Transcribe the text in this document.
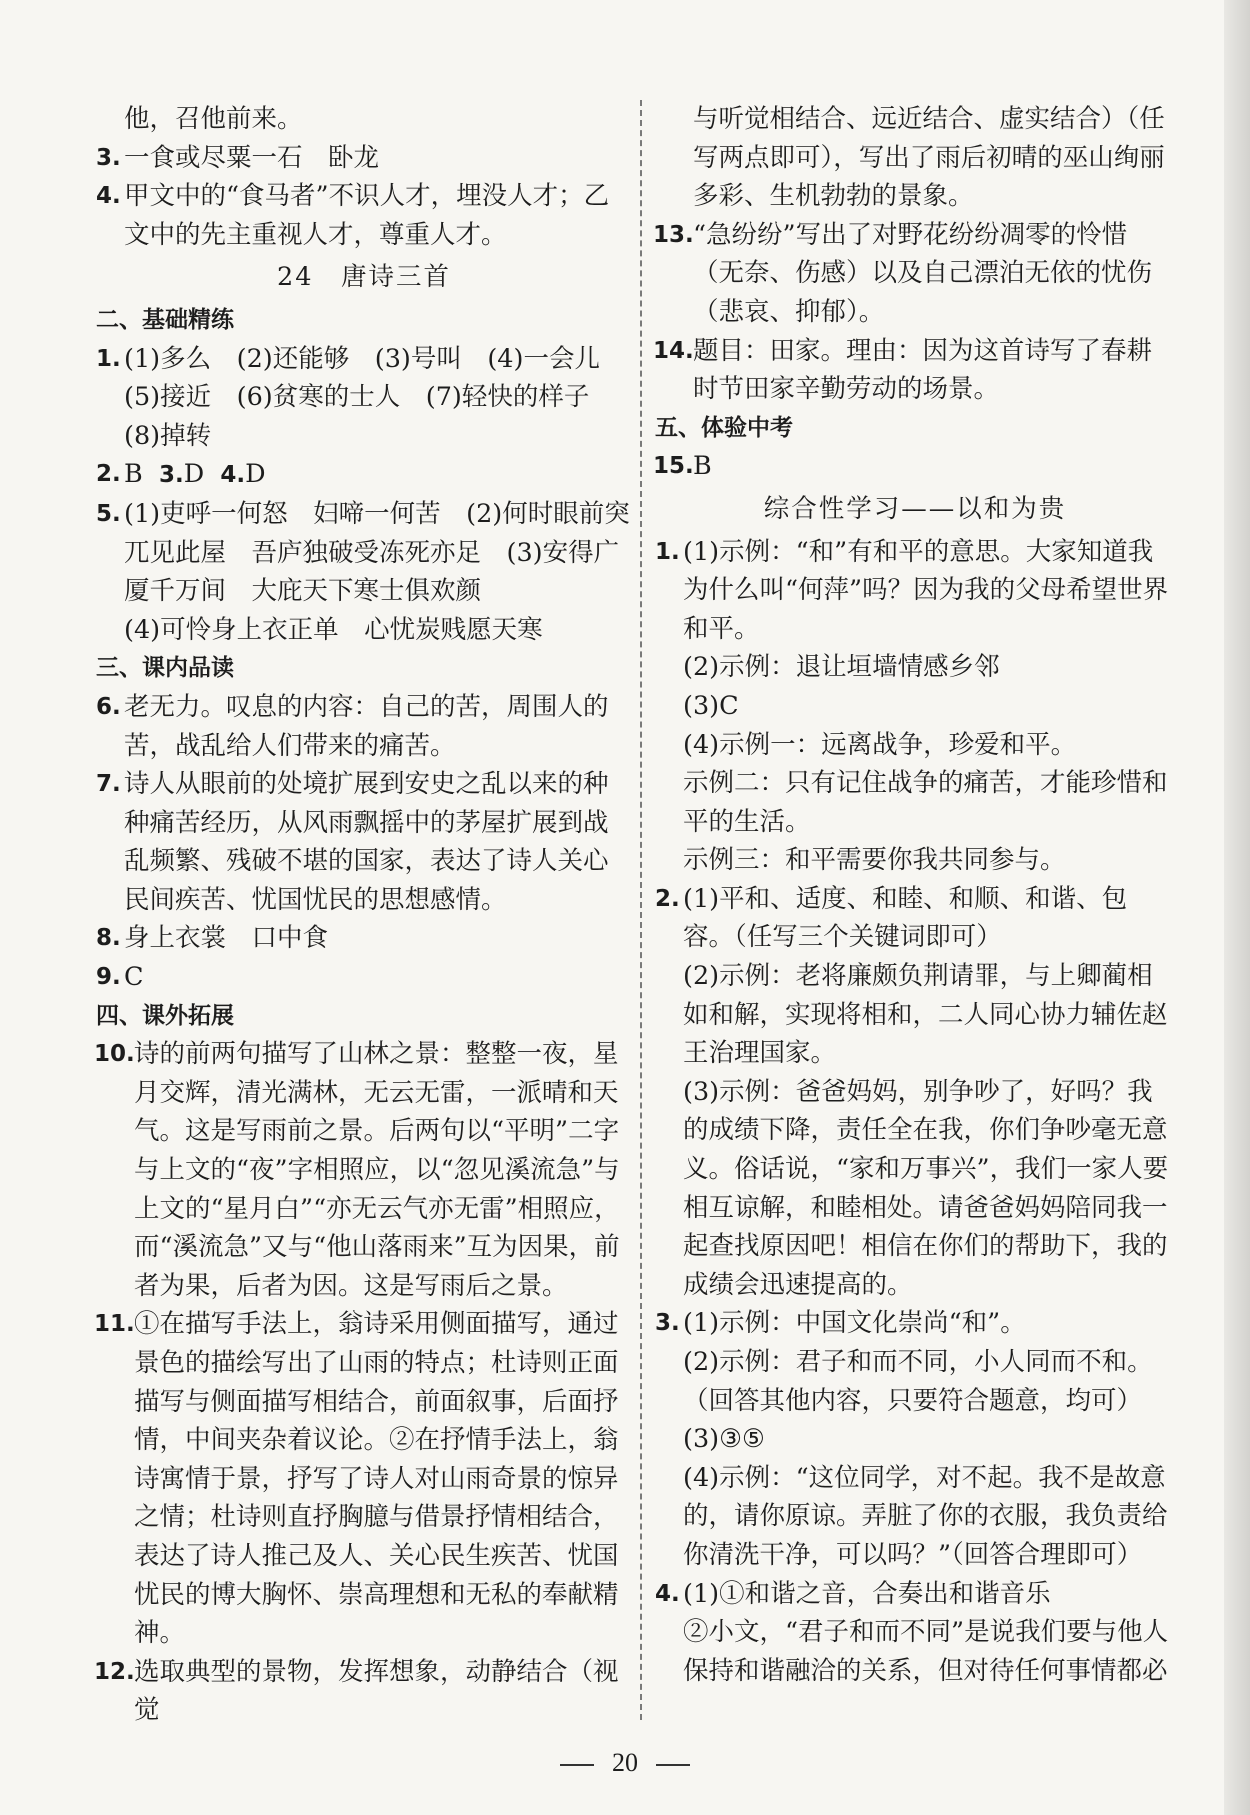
他，召他前来。
3. 一食或尽粟一石　卧龙
4. 甲文中的“食马者”不识人才，埋没人才；乙文中的先主重视人才，尊重人才。
24　唐诗三首
二、基础精练
1. (1)多么　(2)还能够　(3)号叫　(4)一会儿
(5)接近　(6)贫寒的士人　(7)轻快的样子
(8)掉转
2. B 3.D 4.D
5. (1)吏呼一何怒　妇啼一何苦　(2)何时眼前突兀见此屋　吾庐独破受冻死亦足　(3)安得广厦千万间　大庇天下寒士俱欢颜
(4)可怜身上衣正单　心忧炭贱愿天寒
三、课内品读
6. 老无力。叹息的内容：自己的苦，周围人的苦，战乱给人们带来的痛苦。
7. 诗人从眼前的处境扩展到安史之乱以来的种种痛苦经历，从风雨飘摇中的茅屋扩展到战乱频繁、残破不堪的国家，表达了诗人关心民间疾苦、忧国忧民的思想感情。
8. 身上衣裳　口中食
9. C
四、课外拓展
10. 诗的前两句描写了山林之景：整整一夜，星月交辉，清光满林，无云无雷，一派晴和天气。这是写雨前之景。后两句以“平明”二字与上文的“夜”字相照应，以“忽见溪流急”与上文的“星月白”“亦无云气亦无雷”相照应，而“溪流急”又与“他山落雨来”互为因果，前者为果，后者为因。这是写雨后之景。
11. ①在描写手法上，翁诗采用侧面描写，通过景色的描绘写出了山雨的特点；杜诗则正面描写与侧面描写相结合，前面叙事，后面抒情，中间夹杂着议论。②在抒情手法上，翁诗寓情于景，抒写了诗人对山雨奇景的惊异之情；杜诗则直抒胸臆与借景抒情相结合，表达了诗人推己及人、关心民生疾苦、忧国忧民的博大胸怀、崇高理想和无私的奉献精神。
12. 选取典型的景物，发挥想象，动静结合（视觉
与听觉相结合、远近结合、虚实结合）（任写两点即可），写出了雨后初晴的巫山绚丽多彩、生机勃勃的景象。
13. “急纷纷”写出了对野花纷纷凋零的怜惜（无奈、伤感）以及自己漂泊无依的忧伤（悲哀、抑郁）。
14. 题目：田家。理由：因为这首诗写了春耕时节田家辛勤劳动的场景。
五、体验中考
15. B
综合性学习——以和为贵
1. (1)示例：“和”有和平的意思。大家知道我为什么叫“何萍”吗？因为我的父母希望世界和平。
(2)示例：退让垣墙情感乡邻
(3)C
(4)示例一：远离战争，珍爱和平。
示例二：只有记住战争的痛苦，才能珍惜和平的生活。
示例三：和平需要你我共同参与。
2. (1)平和、适度、和睦、和顺、和谐、包容。（任写三个关键词即可）
(2)示例：老将廉颇负荆请罪，与上卿蔺相如和解，实现将相和，二人同心协力辅佐赵王治理国家。
(3)示例：爸爸妈妈，别争吵了，好吗？我的成绩下降，责任全在我，你们争吵毫无意义。俗话说，“家和万事兴”，我们一家人要相互谅解，和睦相处。请爸爸妈妈陪同我一起查找原因吧！相信在你们的帮助下，我的成绩会迅速提高的。
3. (1)示例：中国文化崇尚“和”。
(2)示例：君子和而不同，小人同而不和。（回答其他内容，只要符合题意，均可）
(3)③⑤
(4)示例：“这位同学，对不起。我不是故意的，请你原谅。弄脏了你的衣服，我负责给你清洗干净，可以吗？”（回答合理即可）
4. (1)①和谐之音，合奏出和谐音乐
②小文，“君子和而不同”是说我们要与他人保持和谐融洽的关系，但对待任何事情都必
20
